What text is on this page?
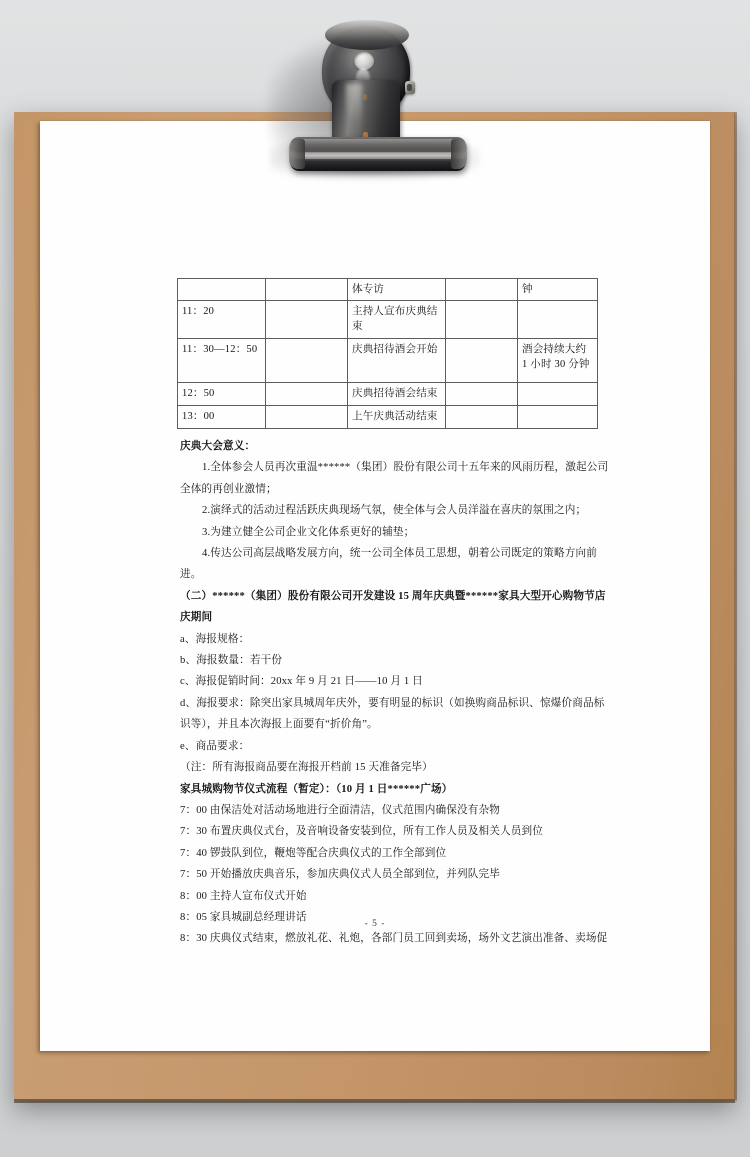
		体专访		钟
11：20		主持人宣布庆典结束		
11：30—12：50		庆典招待酒会开始		酒会持续大约 1 小时 30 分钟
12：50		庆典招待酒会结束		
13：00		上午庆典活动结束		

庆典大会意义：

1.全体参会人员再次重温******（集团）股份有限公司十五年来的风雨历程，激起公司全体的再创业激情；

2.演绎式的活动过程活跃庆典现场气氛，使全体与会人员洋溢在喜庆的氛围之内；

3.为建立健全公司企业文化体系更好的辅垫；

4.传达公司高层战略发展方向，统一公司全体员工思想，朝着公司既定的策略方向前进。

（二）******（集团）股份有限公司开发建设 15 周年庆典暨******家具大型开心购物节店庆期间

a、海报规格：

b、海报数量：若干份

c、海报促销时间：20xx 年 9 月 21 日——10 月 1 日

d、海报要求：除突出家具城周年庆外，要有明显的标识（如换购商品标识、惊爆价商品标识等），并且本次海报上面要有“折价角”。

e、商品要求：

（注：所有海报商品要在海报开档前 15 天准备完毕）

家具城购物节仪式流程（暂定）：（10 月 1 日******广场）

7：00 由保洁处对活动场地进行全面清洁，仪式范围内确保没有杂物

7：30 布置庆典仪式台，及音响设备安装到位，所有工作人员及相关人员到位

7：40 锣鼓队到位，鞭炮等配合庆典仪式的工作全部到位

7：50 开始播放庆典音乐，参加庆典仪式人员全部到位，并列队完毕

8：00 主持人宣布仪式开始

8：05 家具城副总经理讲话

8：30 庆典仪式结束，燃放礼花、礼炮，各部门员工回到卖场，场外文艺演出准备、卖场促

- 5 -
